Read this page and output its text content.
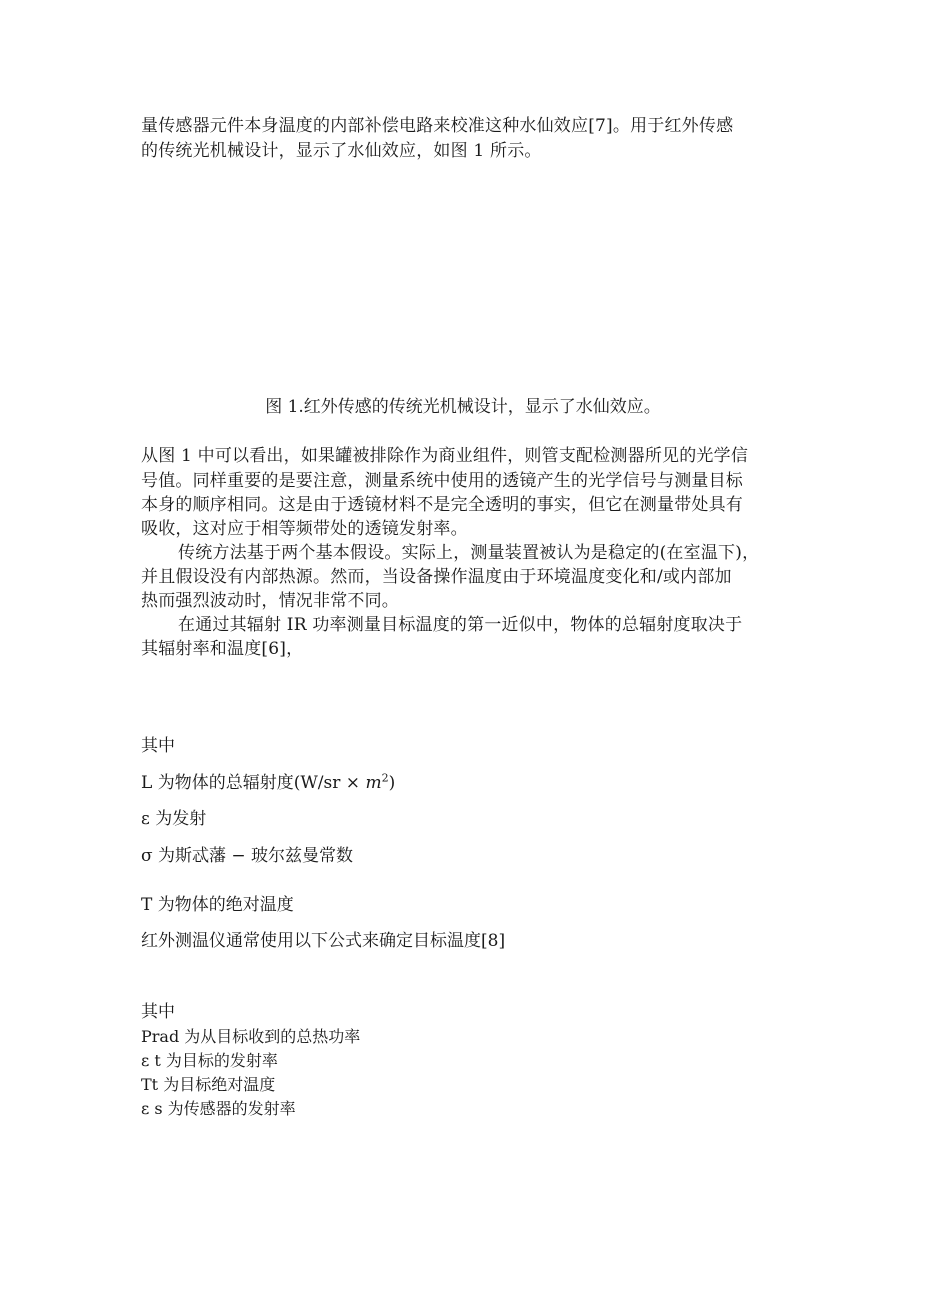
量传感器元件本身温度的内部补偿电路来校准这种水仙效应[7]。用于红外传感
的传统光机械设计，显示了水仙效应，如图 1 所示。
图 1.红外传感的传统光机械设计，显示了水仙效应。
从图 1 中可以看出，如果罐被排除作为商业组件，则管支配检测器所见的光学信
号值。同样重要的是要注意，测量系统中使用的透镜产生的光学信号与测量目标
本身的顺序相同。这是由于透镜材料不是完全透明的事实，但它在测量带处具有
吸收，这对应于相等频带处的透镜发射率。
传统方法基于两个基本假设。实际上，测量装置被认为是稳定的(在室温下)，
并且假设没有内部热源。然而，当设备操作温度由于环境温度变化和/或内部加
热而强烈波动时，情况非常不同。
在通过其辐射 IR 功率测量目标温度的第一近似中，物体的总辐射度取决于
其辐射率和温度[6]，
其中
L 为物体的总辐射度$(W/sr \times m^2)$
ε 为发射
σ 为斯忒藩 − 玻尔兹曼常数
T 为物体的绝对温度
红外测温仪通常使用以下公式来确定目标温度[8]
其中
Prad 为从目标收到的总热功率
ε t 为目标的发射率
Tt 为目标绝对温度
ε s 为传感器的发射率
